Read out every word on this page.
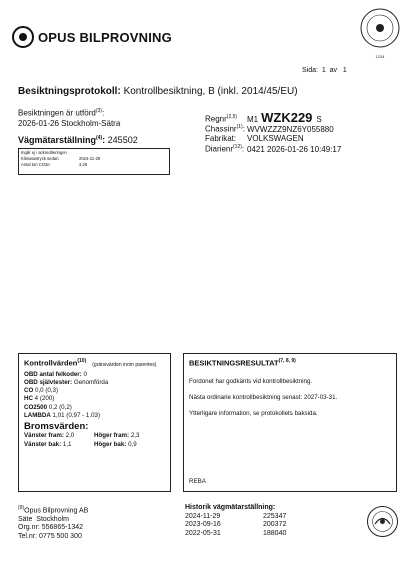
OPUS BILPROVNING
1234
Sida: 1 av 1
Besiktningsprotokoll: Kontrollbesiktning, B (inkl. 2014/45/EU)
Besiktningen är utförd$^{(3)}$:
2026-01-26 Stockholm-Sätra
Vägmätarställning$^{(4)}$: 245502
Ingår ej i ackrediteringen
Klimatavtryck sedan:	2024-11-29
Antal ton CO2e:	3,26
Regnr$^{(2,5)}$	M1 WZK229 S
Chassinr$^{(1)}$: WVWZZZ9NZ6Y055880
Fabrikat:	VOLKSWAGEN
Diarienr$^{(12)}$: 0421 2026-01-26 10:49:17
Kontrollvärden$^{(10)}$
(gränsvärden inom parentes)
OBD antal felkoder: 0
OBD självtester: Genomförda
CO 0,0 (0,3)
HC 4 (200)
CO2500 0,2 (0,2)
LAMBDA 1,01 (0,97 - 1,03)
Bromsvärden:
Vänster fram: 2,0	Höger fram: 2,3
Vänster bak: 1,1	Höger bak: 0,9
BESIKTNINGSRESULTAT$^{(7, 8, 9)}$

Fordonet har godkänts vid kontrollbesiktning.

Nästa ordinarie kontrollbesiktning senast: 2027-03-31.

Ytterligare information, se protokollets baksida.

REBA
$^{(9)}$Opus Bilprovning AB
Säte Stockholm
Org.nr: 556865-1342
Tel.nr: 0775 500 300
Historik vägmätarställning:
2024-11-29	225347
2023-09-16	200372
2022-05-31	188040
